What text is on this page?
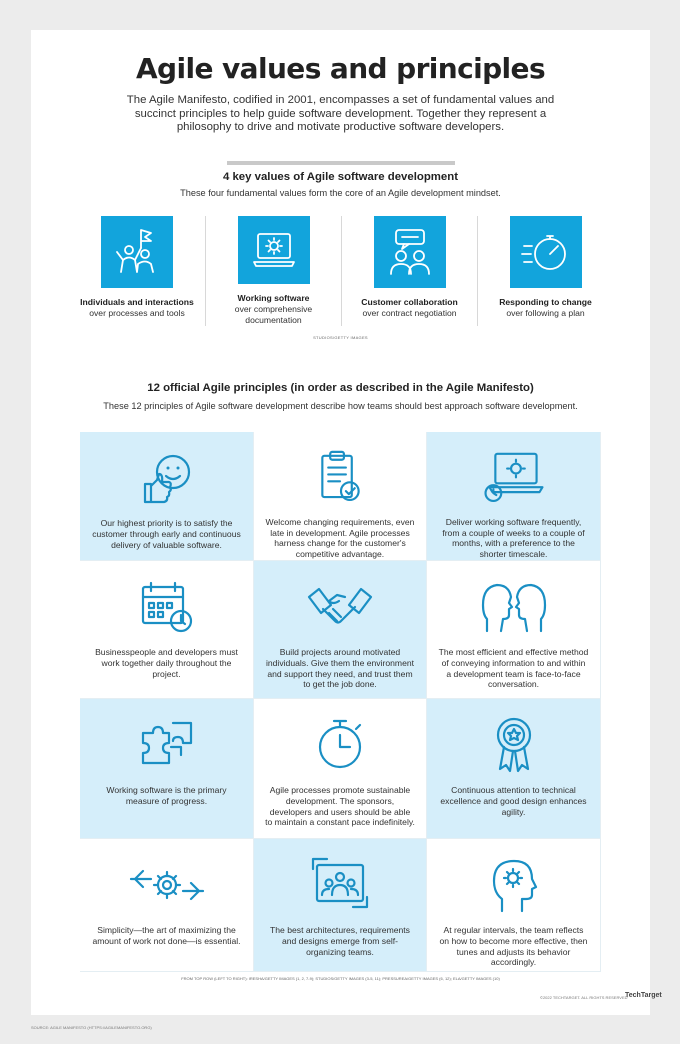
Agile values and principles
The Agile Manifesto, codified in 2001, encompasses a set of fundamental values and succinct principles to help guide software development. Together they represent a philosophy to drive and motivate productive software developers.
4 key values of Agile software development
These four fundamental values form the core of an Agile development mindset.
Individuals and interactions
over processes and tools
Working software
over comprehensive documentation
Customer collaboration
over contract negotiation
Responding to change
over following a plan
STUDIOS/GETTY IMAGES
12 official Agile principles (in order as described in the Agile Manifesto)
These 12 principles of Agile software development describe how teams should best approach software development.
Our highest priority is to satisfy the customer through early and continuous delivery of valuable software.
Welcome changing requirements, even late in development. Agile processes harness change for the customer's competitive advantage.
Deliver working software frequently, from a couple of weeks to a couple of months, with a preference to the shorter timescale.
Businesspeople and developers must work together daily throughout the project.
Build projects around motivated individuals. Give them the environment and support they need, and trust them to get the job done.
The most efficient and effective method of conveying information to and within a development team is face-to-face conversation.
Working software is the primary measure of progress.
Agile processes promote sustainable development. The sponsors, developers and users should be able to maintain a constant pace indefinitely.
Continuous attention to technical excellence and good design enhances agility.
Simplicity—the art of maximizing the amount of work not done—is essential.
The best architectures, requirements and designs emerge from self-organizing teams.
At regular intervals, the team reflects on how to become more effective, then tunes and adjusts its behavior accordingly.
FROM TOP ROW (LEFT TO RIGHT): IRESHA/GETTY IMAGES (1, 2, 7-9); STUDIOS/GETTY IMAGES (3-5, 11); PRESSUREA/GETTY IMAGES (6, 12); ELA/GETTY IMAGES (10)
SOURCE: AGILE MANIFESTO (HTTPS://AGILEMANIFESTO.ORG)
©2022 TECHTARGET. ALL RIGHTS RESERVED
TechTarget
